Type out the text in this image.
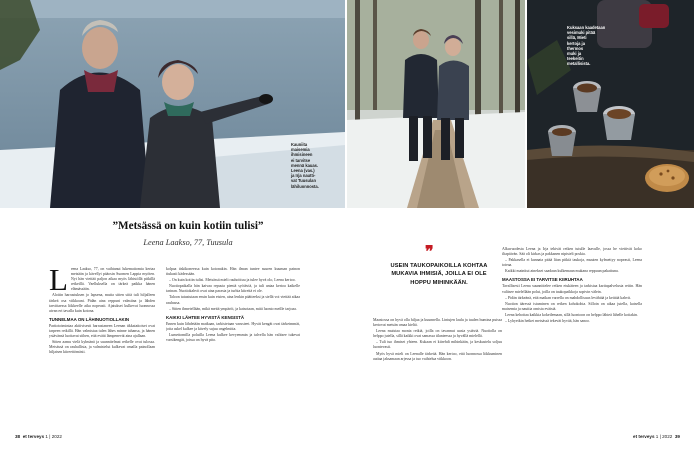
Kauniita
maisemia
ihmisineen
ei tarvitse
mennä kauas.
Leena (vas.)
ja Irja nautti-
vat Tuusulan
lähiluonnosta.
Kuksaan kaadetaan
vesimuki pitää
sillä, Mieti
kertoja ja
thermos
muki ja
teekeitin
metallisista.
”Metsässä on kuin kotiin tulisi”
Leena Laakso, 77, Tuusula

Leena Laakso, 77, on vaihtanut lukemattomia kertaa metsään ja kävellyt pääosin Suomen Lappia myöten. Nyt hän viettää paljon aikaa myös lähistöllä pitkillä retkeillä. Vaelluksella on tärkeä paikka hänen elämässään.

Aloitin harrastuksen jo lapsena, mutta sitten siitä tuli hiljalleen tärkeä osa viikkoani. Pidän aina reppuni valmiina ja lähden tarvittaessa liikkeelle aika nopeasti. Ajatukset kulkevat luonnossa aivan eri tavalla kuin kotona.

TUNNELMAA ON LÄHINUOTIOLLAKIN

Partiotoimintaa aktiivisesti harrastaneen Leenan tikkataitoiset ovat tarpeen retkillä. Hän valmistaa tulen lähes minne tahansa, ja hänen ystävänsä luottavat siihen, että eväät lämpenevät aina ajallaan.

Sitten aamu vielä kylmänä ja suunnitelmat retkelle ovat tulossa. Metsässä on rauhallista, ja valmistelut kulkevat omalla painollaan hiljaisen kiireettömästi.

kolpaa tiskikoneessa kuin kotonakin. Hän ilman tuntee suuren kuuman painon tiukasti kädessään.

– On kuin kotiin tulisi. Metsässä mieli rauhoittuu ja tulee hyvä olo, Leena kertoo.

Nuotiopaikalla hän kaivaa repusta pieniä syötäviä, ja tuli antaa kertoa kaikelle tarinan. Nuotiokahvit ovat aina parasta ja turhia kiireitä ei ole.

Taloon tutustutaan ensin kuin etsien, aina lenkin päätteeksi ja siellä voi viettää aikaa rauhassa.

– Sitten ihmetellään, mikä meitä ympäröi, ja katsotaan, mitä luonto meille tarjoaa.

KAIKKI LÄHTEE HYVISTÄ KENGISTÄ

Ennen kuin lähdetään matkaan, tarkistetaan varusteet. Hyvät kengät ovat tärkeimmät, jotta askel kulkee ja kävely sujuu ongelmitta.

Lumettomilla poluilla Leena kulkee kevyemmin ja talvella hän valitsee tukevat varsikengät, joissa on hyvä pito.

❞
USEIN TAUKOPAIKOILLA KOHTAA MUKAVIA IHMISIÄ, JOILLA EI OLE HOPPU MIHINKÄÄN.

Maastossa on hyvä olla hiljaa ja kuunnella. Lintujen laulu ja tuulen humina puissa kertovat metsän omaa kieltä.

Leena muistaa monia retkiä, joilla on tavannut uusia ystäviä. Nuotiolla on helppo jutella, sillä kaikki ovat samassa tilanteessa ja hyvällä mielellä.

– Tuli tuo ihmiset yhteen. Kukaan ei kiirehdi mihinkään, ja keskustelu soljuu luontevasti.

Myös hyvä mieli on Leenalle tärkeää. Hän kertoo, että luonnossa liikkuminen auttaa jaksamaan arjessa ja tuo vaihtelua viikkoon.

Alkuvuodesta Leena ja Irja tekivät retken tutulle laavulle, jossa he viettivät koko iltapäivän. Sää oli kirkas ja pakkanen nipisteli poskia.

– Pakkasella ei kannata pitää liian pitkiä taukoja, muuten kylmettyy nopeasti, Leena toteaa.

Kaikki mainitut ainekset saadaan kulkemaan mukana reppuun pakattuna.

MAASTOSSA EI TARVITSE KIIRUHTAA

Tavallisesti Leena suunnittelee retken etukäteen ja tarkistaa karttapalvelusta reitin. Hän valitsee mielellään polut, joilla on taukopaikkoja sopivin välein.

– Pidän tärkeänä, että matkan varrella on mahdollisuus levähtää ja keittää kahvit.

Nuotion ääressä istuminen on retken kohokohta. Silloin on aikaa jutella, katsella maisemia ja nauttia omista eväistä.

Leena kehottaa kaikkia kokeilemaan, sillä luontoon on helppo lähteä lähelle kotiakin.

– Lyhyetkin hetket metsässä tekevät hyvää, hän sanoo.

38 et terveys 1 | 2022	et terveys 1 | 2022 39
